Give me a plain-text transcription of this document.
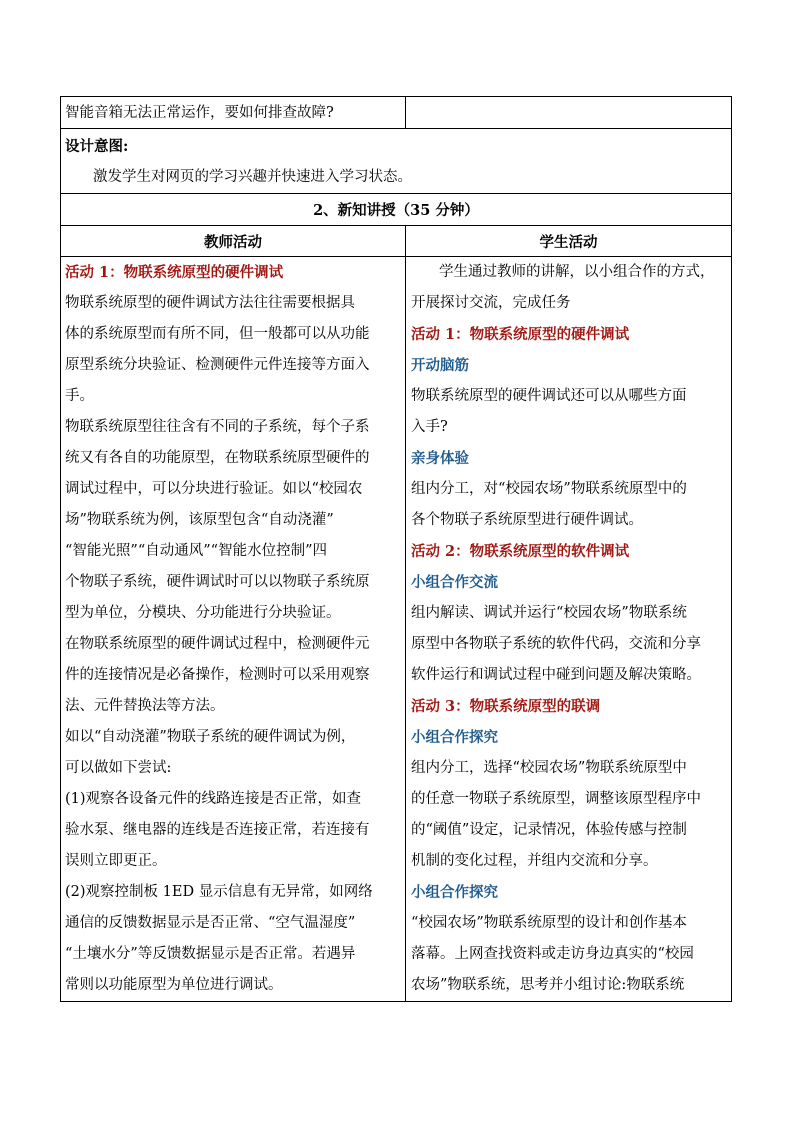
智能音箱无法正常运作，要如何排查故障?
设计意图:
激发学生对网页的学习兴趣并快速进入学习状态。
2、新知讲授（35 分钟）
教师活动	学生活动
活动 1：物联系统原型的硬件调试
物联系统原型的硬件调试方法往往需要根据具
体的系统原型而有所不同，但一般都可以从功能
原型系统分块验证、检测硬件元件连接等方面入
手。
物联系统原型往往含有不同的子系统，每个子系
统又有各自的功能原型，在物联系统原型硬件的
调试过程中，可以分块进行验证。如以“校园农
场”物联系统为例，该原型包含“自动浇灌”
“智能光照”“自动通风”“智能水位控制”四
个物联子系统，硬件调试时可以以物联子系统原
型为单位，分模块、分功能进行分块验证。
在物联系统原型的硬件调试过程中，检测硬件元
件的连接情况是必备操作，检测时可以采用观察
法、元件替换法等方法。
如以“自动浇灌”物联子系统的硬件调试为例，
可以做如下尝试:
(1)观察各设备元件的线路连接是否正常，如查
验水泵、继电器的连线是否连接正常，若连接有
误则立即更正。
(2)观察控制板 1ED 显示信息有无异常，如网络
通信的反馈数据显示是否正常、“空气温湿度”
“土壤水分”等反馈数据显示是否正常。若遇异
常则以功能原型为单位进行调试。
学生通过教师的讲解，以小组合作的方式，
开展探讨交流，完成任务
活动 1：物联系统原型的硬件调试
开动脑筋
物联系统原型的硬件调试还可以从哪些方面
入手?
亲身体验
组内分工，对“校园农场”物联系统原型中的
各个物联子系统原型进行硬件调试。
活动 2：物联系统原型的软件调试
小组合作交流
组内解读、调试并运行“校园农场”物联系统
原型中各物联子系统的软件代码，交流和分享
软件运行和调试过程中碰到问题及解决策略。
活动 3：物联系统原型的联调
小组合作探究
组内分工，选择“校园农场”物联系统原型中
的任意一物联子系统原型，调整该原型程序中
的“阈值”设定，记录情况，体验传感与控制
机制的变化过程，并组内交流和分享。
小组合作探究
“校园农场”物联系统原型的设计和创作基本
落幕。上网查找资料或走访身边真实的“校园
农场”物联系统，思考并小组讨论:物联系统
